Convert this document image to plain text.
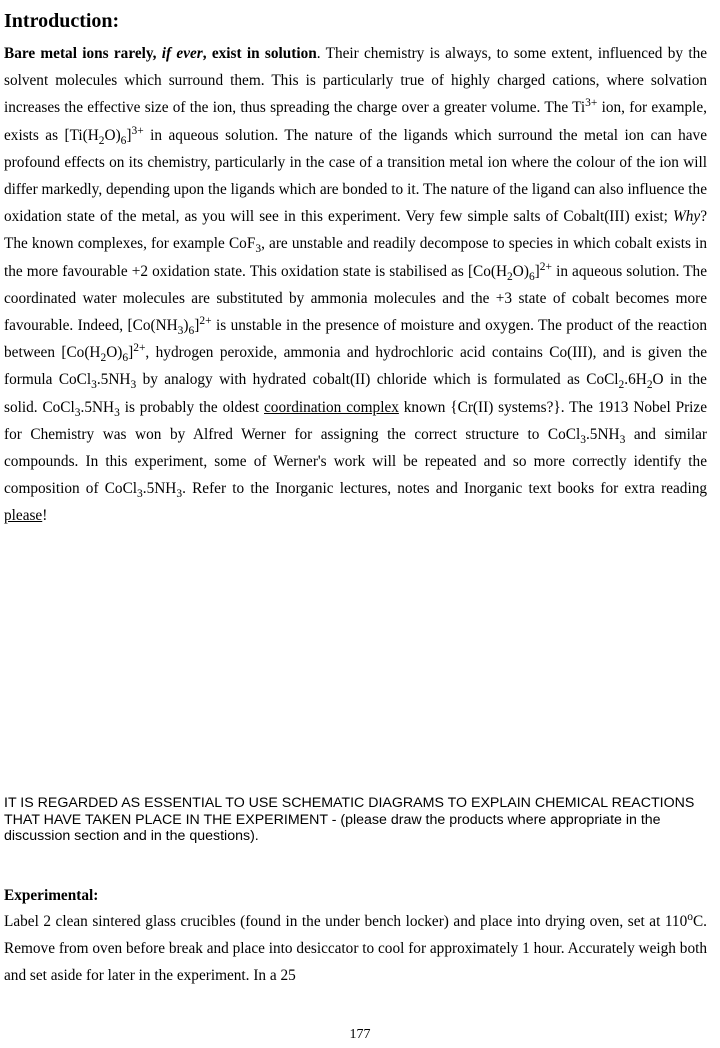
Introduction:

Bare metal ions rarely, if ever, exist in solution. Their chemistry is always, to some extent, influenced by the solvent molecules which surround them. This is particularly true of highly charged cations, where solvation increases the effective size of the ion, thus spreading the charge over a greater volume. The $Ti^{3+}$ ion, for example, exists as $[Ti(H_2O)_6]^{3+}$ in aqueous solution. The nature of the ligands which surround the metal ion can have profound effects on its chemistry, particularly in the case of a transition metal ion where the colour of the ion will differ markedly, depending upon the ligands which are bonded to it. The nature of the ligand can also influence the oxidation state of the metal, as you will see in this experiment. Very few simple salts of Cobalt(III) exist; Why? The known complexes, for example CoF$_3$, are unstable and readily decompose to species in which cobalt exists in the more favourable +2 oxidation state. This oxidation state is stabilised as $[Co(H_2O)_6]^{2+}$ in aqueous solution. The coordinated water molecules are substituted by ammonia molecules and the +3 state of cobalt becomes more favourable. Indeed, $[Co(NH_3)_6]^{2+}$ is unstable in the presence of moisture and oxygen. The product of the reaction between $[Co(H_2O)_6]^{2+}$, hydrogen peroxide, ammonia and hydrochloric acid contains Co(III), and is given the formula $CoCl_3.5NH_3$ by analogy with hydrated cobalt(II) chloride which is formulated as $CoCl_2.6H_2O$ in the solid. $CoCl_3.5NH_3$ is probably the oldest coordination complex known {Cr(II) systems?}. The 1913 Nobel Prize for Chemistry was won by Alfred Werner for assigning the correct structure to $CoCl_3.5NH_3$ and similar compounds. In this experiment, some of Werner's work will be repeated and so more correctly identify the composition of $CoCl_3.5NH_3$. Refer to the Inorganic lectures, notes and Inorganic text books for extra reading please!

IT IS REGARDED AS ESSENTIAL TO USE SCHEMATIC DIAGRAMS TO EXPLAIN CHEMICAL REACTIONS THAT HAVE TAKEN PLACE IN THE EXPERIMENT - (please draw the products where appropriate in the discussion section and in the questions).
Experimental:

Label 2 clean sintered glass crucibles (found in the under bench locker) and place into drying oven, set at 110$^o$C. Remove from oven before break and place into desiccator to cool for approximately 1 hour. Accurately weigh both and set aside for later in the experiment. In a 25

177
